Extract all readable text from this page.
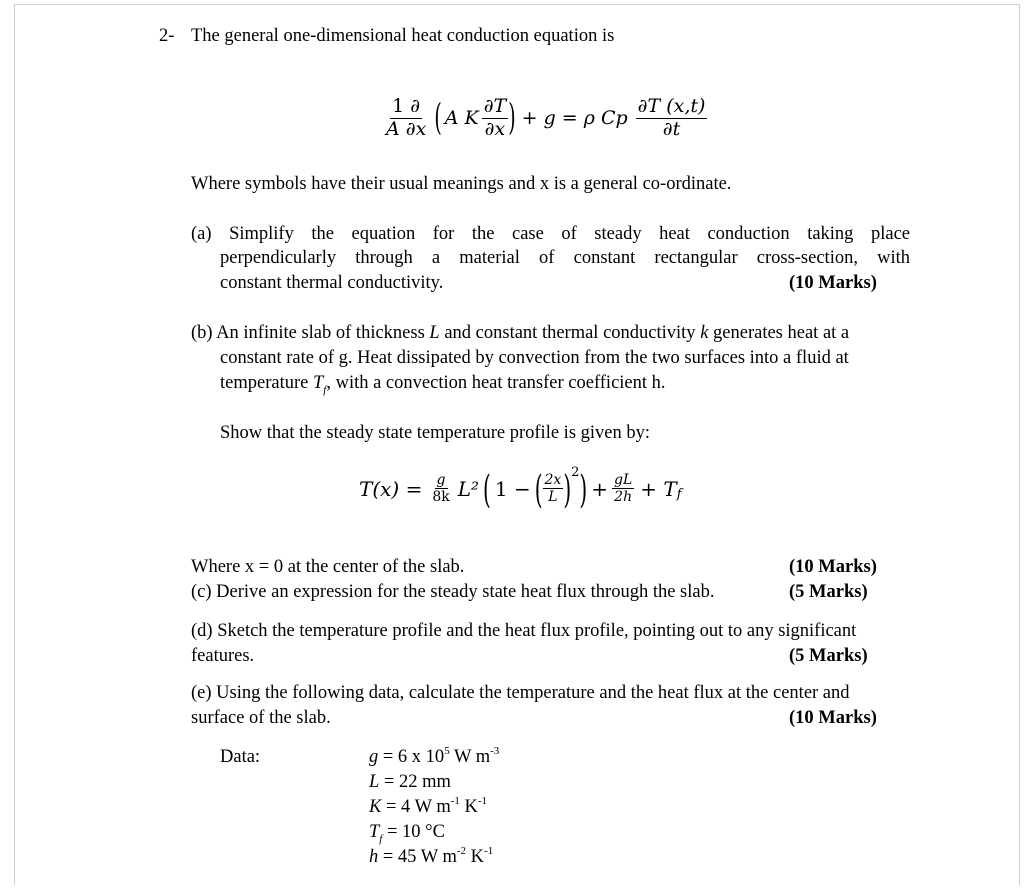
2- The general one-dimensional heat conduction equation is
$\frac{1 \partial}{A \partial x}$ ( A K $\frac{\partial T}{\partial x}$ ) + g = ρ Cp $\frac{\partial T (x,t)}{\partial t}$
Where symbols have their usual meanings and x is a general co-ordinate.
(a) Simplify the equation for the case of steady heat conduction taking place
perpendicularly through a material of constant rectangular cross-section, with
constant thermal conductivity.	(10 Marks)
(b) An infinite slab of thickness L and constant thermal conductivity k generates heat at a
constant rate of g. Heat dissipated by convection from the two surfaces into a fluid at
temperature $T_f$, with a convection heat transfer coefficient h.
Show that the steady state temperature profile is given by:
$T(x) = \frac{g}{8k} L^2$ ( 1 − ( $\frac{2x}{L}$ ) 2 ) + $\frac{gL}{2h} + T$ f
Where x = 0 at the center of the slab.	(10 Marks)
(c) Derive an expression for the steady state heat flux through the slab.	(5 Marks)
(d) Sketch the temperature profile and the heat flux profile, pointing out to any significant
features.	(5 Marks)
(e) Using the following data, calculate the temperature and the heat flux at the center and
surface of the slab.	(10 Marks)
Data:	g = 6 x $10^5$ W $m^{-3}$
L = 22 mm
K = 4 W $m^{-1}$ $K^{-1}$
$T_f = 10$ °C
h = 45 W $m^{-2}$ $K^{-1}$
